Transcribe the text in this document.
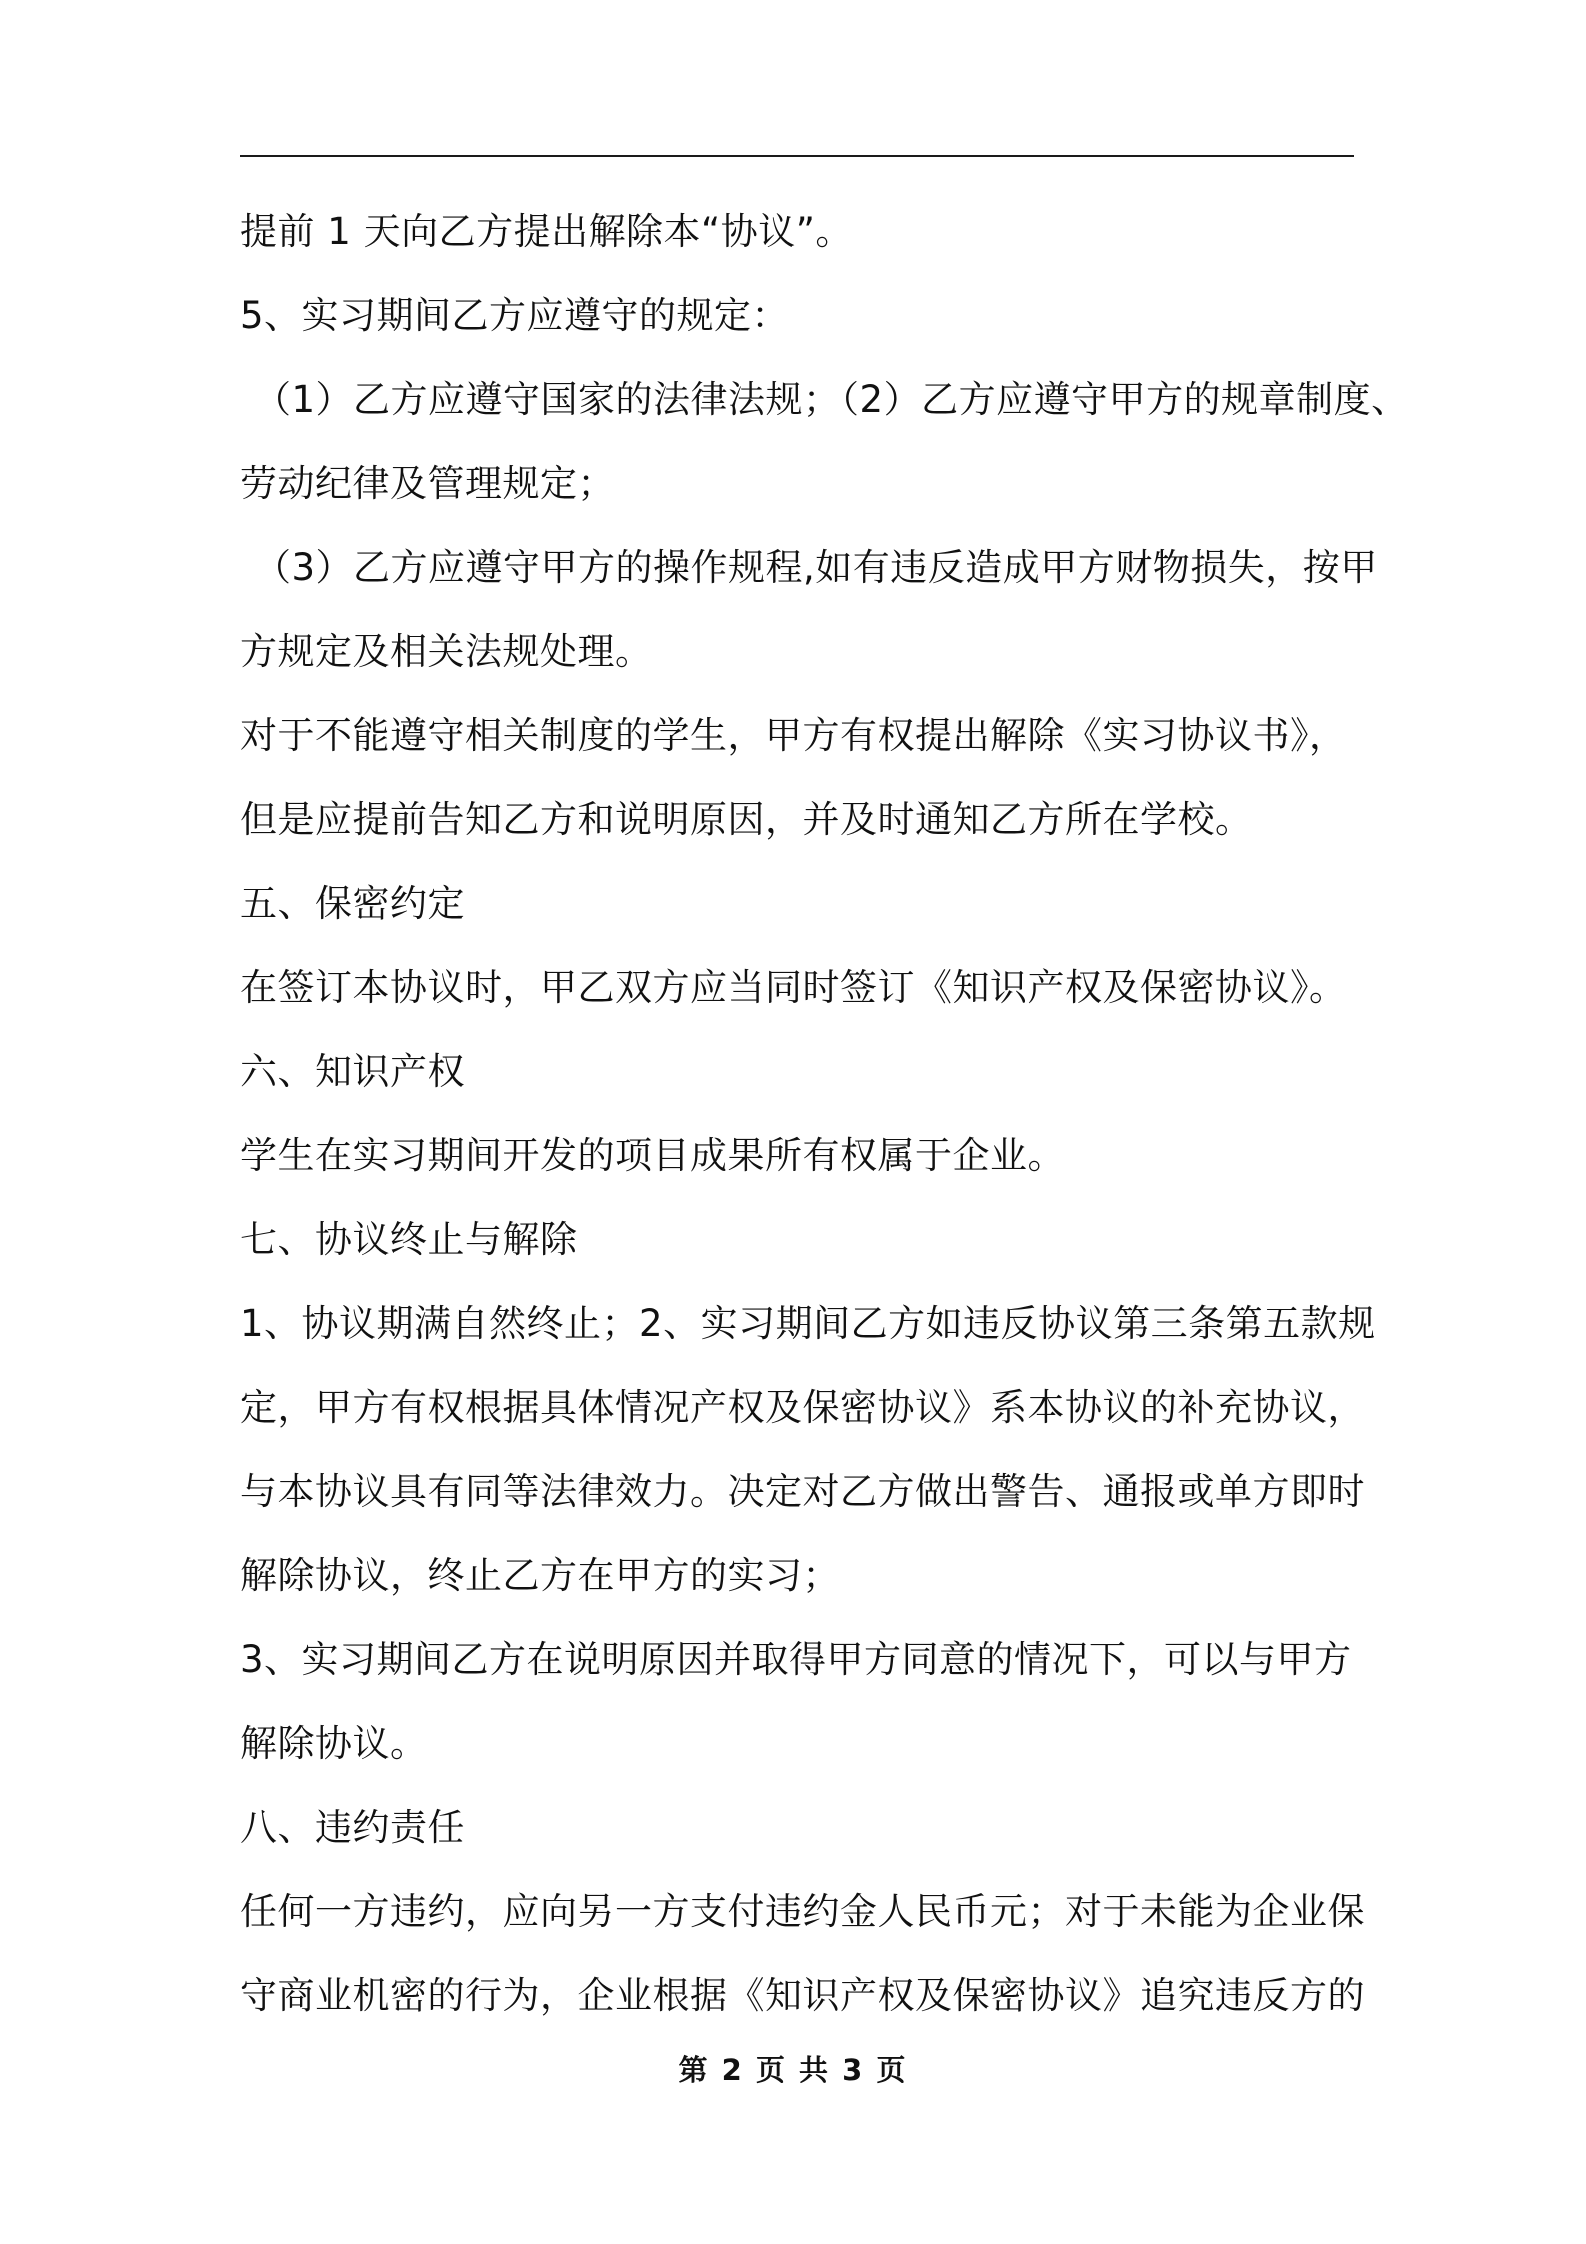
提前 1 天向乙方提出解除本“协议”。
5、实习期间乙方应遵守的规定：
（1）乙方应遵守国家的法律法规；（2）乙方应遵守甲方的规章制度、
劳动纪律及管理规定；
（3）乙方应遵守甲方的操作规程,如有违反造成甲方财物损失，按甲
方规定及相关法规处理。
对于不能遵守相关制度的学生，甲方有权提出解除《实习协议书》，
但是应提前告知乙方和说明原因，并及时通知乙方所在学校。
五、保密约定
在签订本协议时，甲乙双方应当同时签订《知识产权及保密协议》。
六、知识产权
学生在实习期间开发的项目成果所有权属于企业。
七、协议终止与解除
1、协议期满自然终止；2、实习期间乙方如违反协议第三条第五款规
定，甲方有权根据具体情况产权及保密协议》系本协议的补充协议，
与本协议具有同等法律效力。决定对乙方做出警告、通报或单方即时
解除协议，终止乙方在甲方的实习；
3、实习期间乙方在说明原因并取得甲方同意的情况下，可以与甲方
解除协议。
八、违约责任
任何一方违约，应向另一方支付违约金人民币元；对于未能为企业保
守商业机密的行为，企业根据《知识产权及保密协议》追究违反方的
第 2 页 共 3 页
